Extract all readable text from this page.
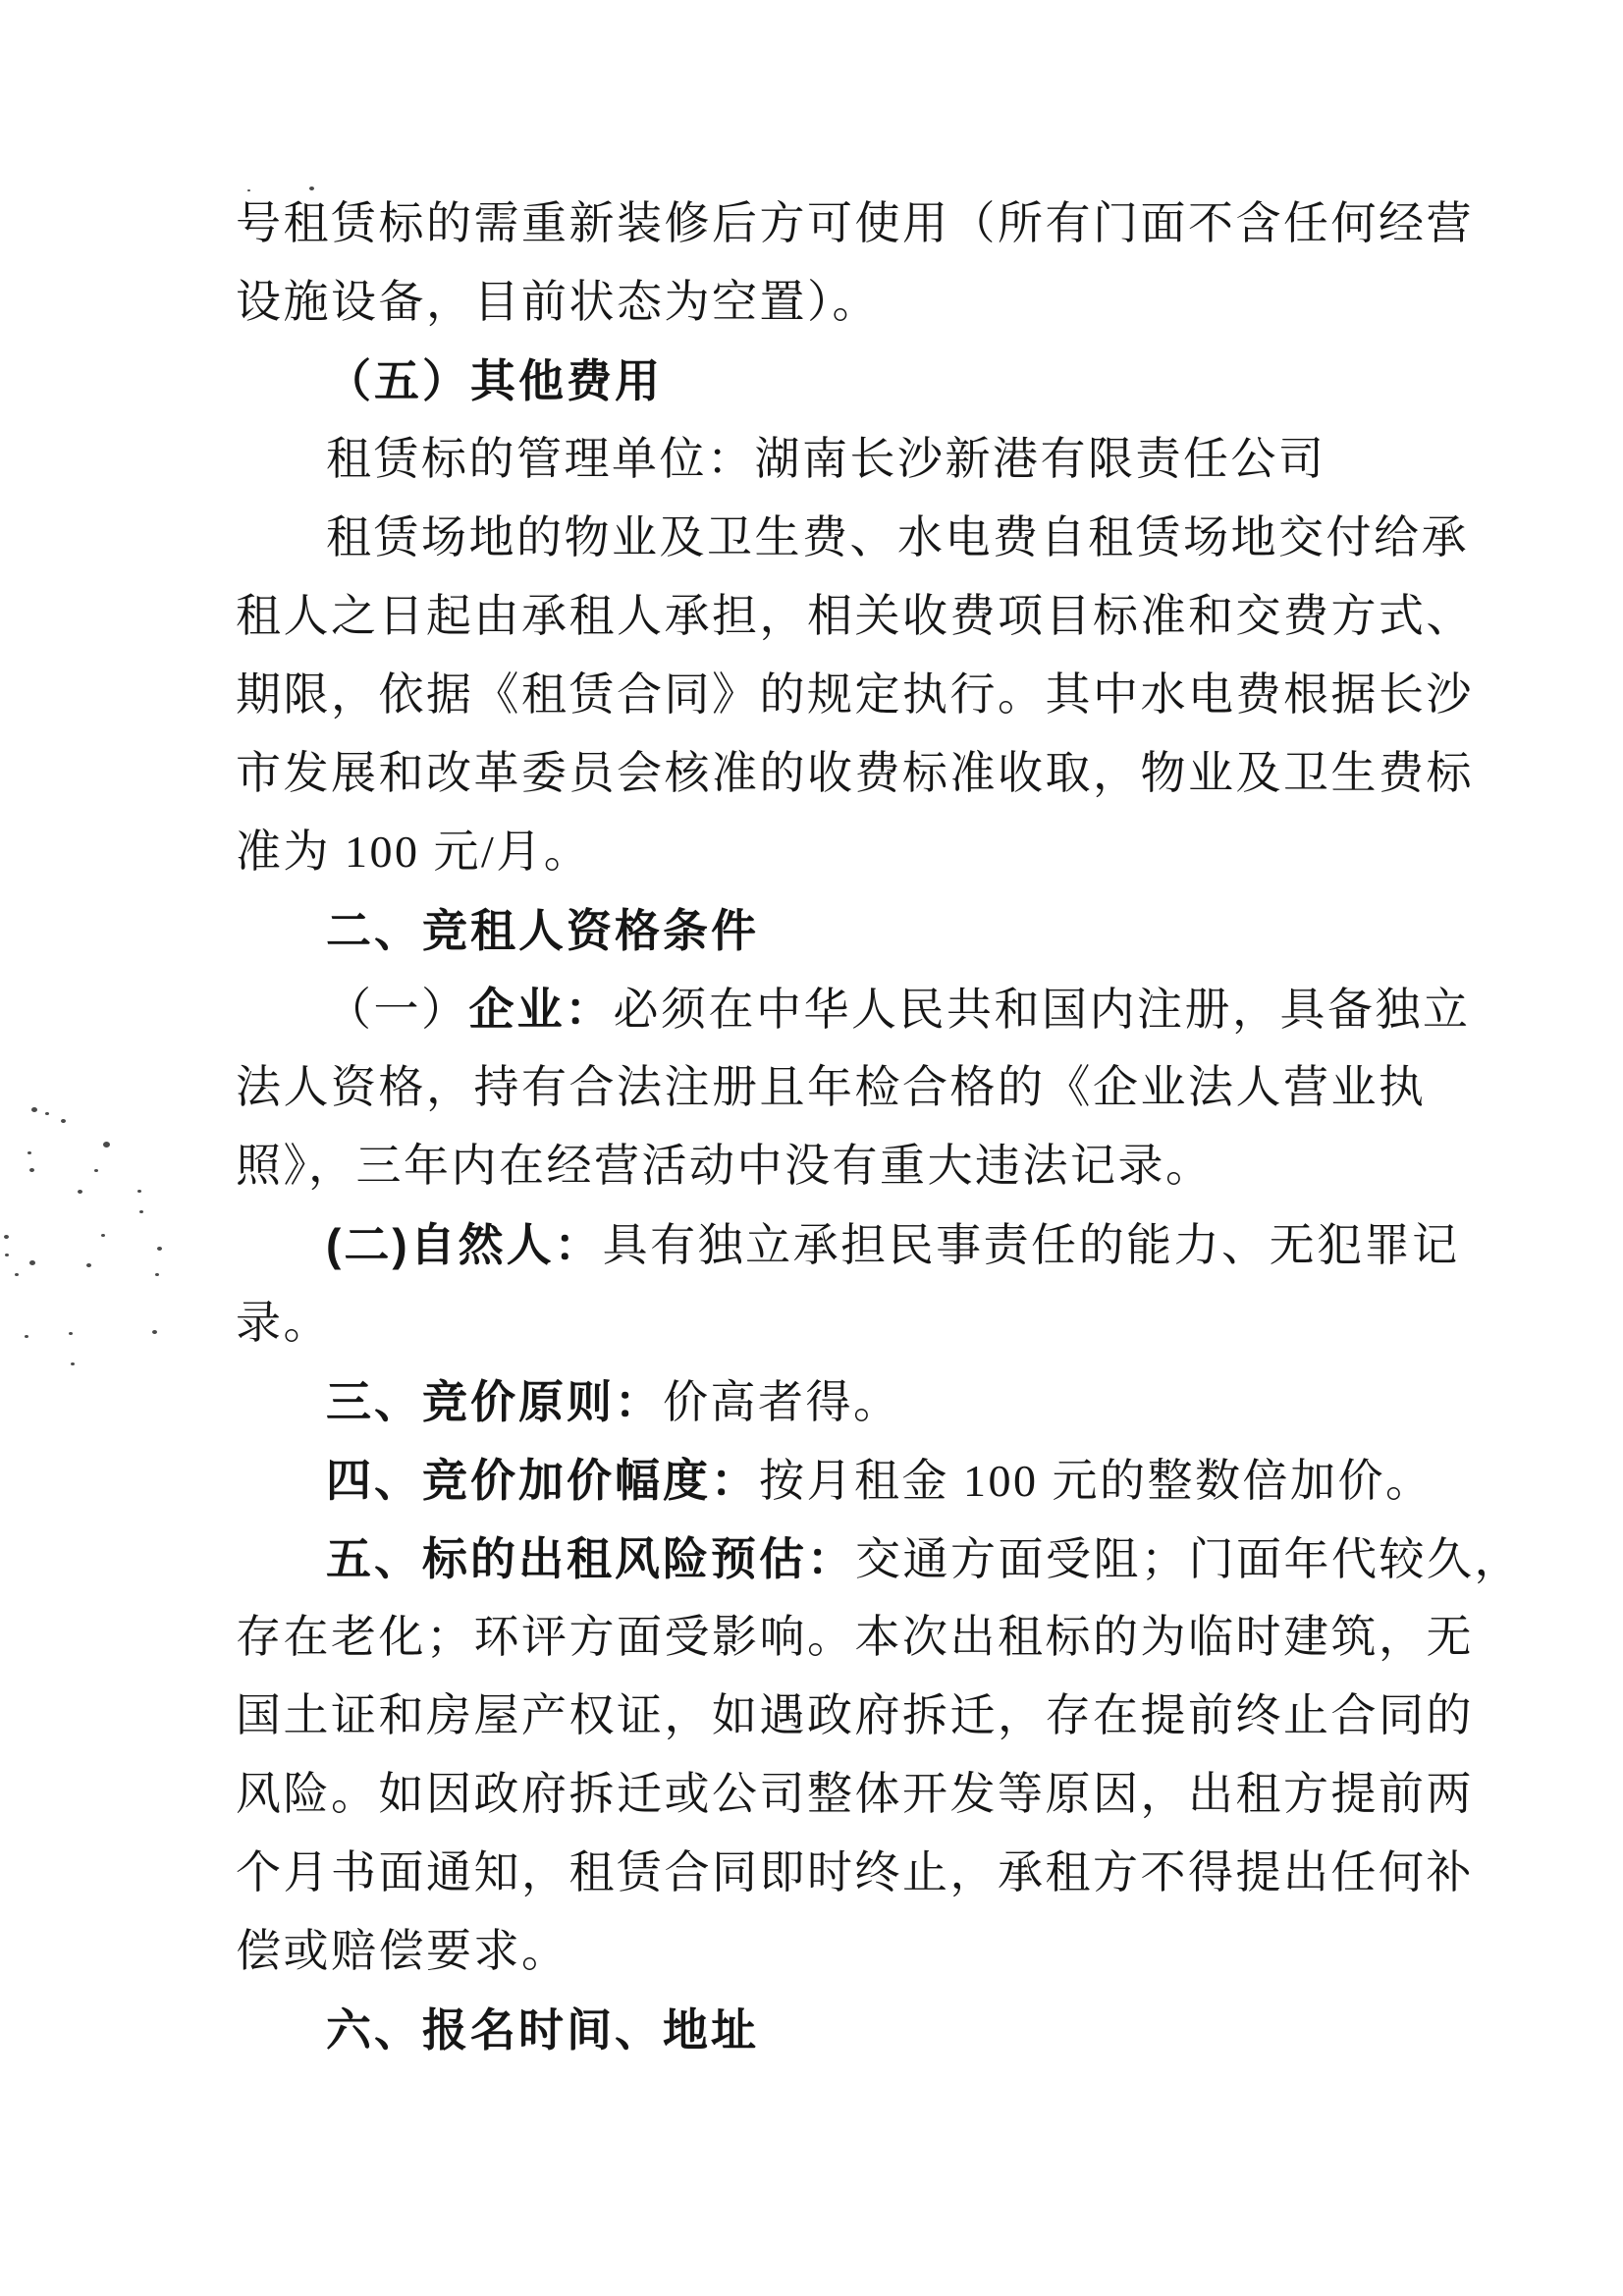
号租赁标的需重新装修后方可使用（所有门面不含任何经营
设施设备，目前状态为空置）。
（五）其他费用
租赁标的管理单位：湖南长沙新港有限责任公司
租赁场地的物业及卫生费、水电费自租赁场地交付给承
租人之日起由承租人承担，相关收费项目标准和交费方式、
期限，依据《租赁合同》的规定执行。其中水电费根据长沙
市发展和改革委员会核准的收费标准收取，物业及卫生费标
准为 100 元/月。
二、竞租人资格条件
（一）企业：必须在中华人民共和国内注册，具备独立
法人资格，持有合法注册且年检合格的《企业法人营业执
照》，三年内在经营活动中没有重大违法记录。
(二)自然人：具有独立承担民事责任的能力、无犯罪记
录。
三、竞价原则：价高者得。
四、竞价加价幅度：按月租金 100 元的整数倍加价。
五、标的出租风险预估：交通方面受阻；门面年代较久，
存在老化；环评方面受影响。本次出租标的为临时建筑，无
国土证和房屋产权证，如遇政府拆迁，存在提前终止合同的
风险。如因政府拆迁或公司整体开发等原因，出租方提前两
个月书面通知，租赁合同即时终止，承租方不得提出任何补
偿或赔偿要求。
六、报名时间、地址
